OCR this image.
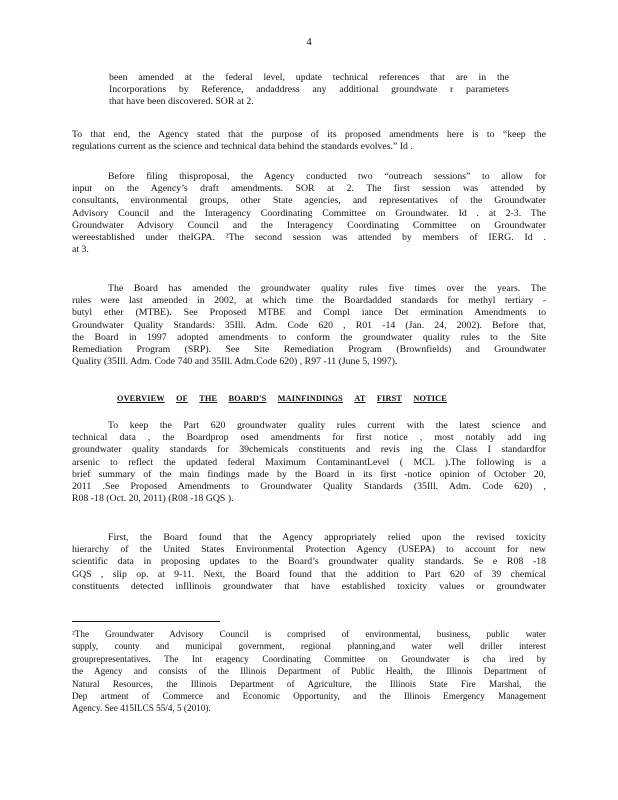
4

been amended at the federal level, update technical references that are in the
Incorporations by Reference, andaddress any additional groundwate r parameters
that have been discovered. SOR at 2.

To that end, the Agency stated that the purpose of its proposed amendments here is to “keep the
regulations current as the science and technical data behind the standards evolves.” Id .

Before filing thisproposal, the Agency conducted two “outreach sessions” to allow for
input on the Agency’s draft amendments. SOR at 2. The first session was attended by
consultants, environmental groups, other State agencies, and representatives of the Groundwater
Advisory Council and the Interagency Coordinating Committee on Groundwater. Id . at 2-3. The
Groundwater Advisory Council and the Interagency Coordinating Committee on Groundwater
wereestablished under theIGPA. ²The second session was attended by members of IERG. Id .
at 3.

The Board has amended the groundwater quality rules five times over the years. The
rules were last amended in 2002, at which time the Boardadded standards for methyl tertiary -
butyl ether (MTBE). See Proposed MTBE and Compl iance Det ermination Amendments to
Groundwater Quality Standards: 35Ill. Adm. Code 620 , R01 -14 (Jan. 24, 2002). Before that,
the Board in 1997 adopted amendments to conform the groundwater quality rules to the Site
Remediation Program (SRP). See Site Remediation Program (Brownfields) and Groundwater
Quality (35Ill. Adm. Code 740 and 35Ill. Adm.Code 620) , R97 -11 (June 5, 1997).

OVERVIEW OF THE BOARD'S MAINFINDINGS AT FIRST NOTICE

To keep the Part 620 groundwater quality rules current with the latest science and
technical data , the Boardprop osed amendments for first notice , most notably add ing
groundwater quality standards for 39chemicals constituents and revis ing the Class I standardfor
arsenic to reflect the updated federal Maximum ContaminantLevel ( MCL ).The following is a
brief summary of the main findings made by the Board in its first -notice opinion of October 20,
2011 .See Proposed Amendments to Groundwater Quality Standards (35Ill. Adm. Code 620) ,
R08 -18 (Oct. 20, 2011) (R08 -18 GQS ).

First, the Board found that the Agency appropriately relied upon the revised toxicity
hierarchy of the United States Environmental Protection Agency (USEPA) to account for new
scientific data in proposing updates to the Board’s groundwater quality standards. Se e R08 -18
GQS , slip op. at 9-11. Next, the Board found that the addition to Part 620 of 39 chemical
constituents detected inIllinois groundwater that have established toxicity values or groundwater

²The Groundwater Advisory Council is comprised of environmental, business, public water
supply, county and municipal government, regional planning,and water well driller interest
grouprepresentatives. The Int eragency Coordinating Committee on Groundwater is cha ired by
the Agency and consists of the Illinois Department of Public Health, the Illinois Department of
Natural Resources, the Illinois Department of Agriculture, the Illinois State Fire Marshal, the
Dep artment of Commerce and Economic Opportunity, and the Illinois Emergency Management
Agency. See 415ILCS 55/4, 5 (2010).
